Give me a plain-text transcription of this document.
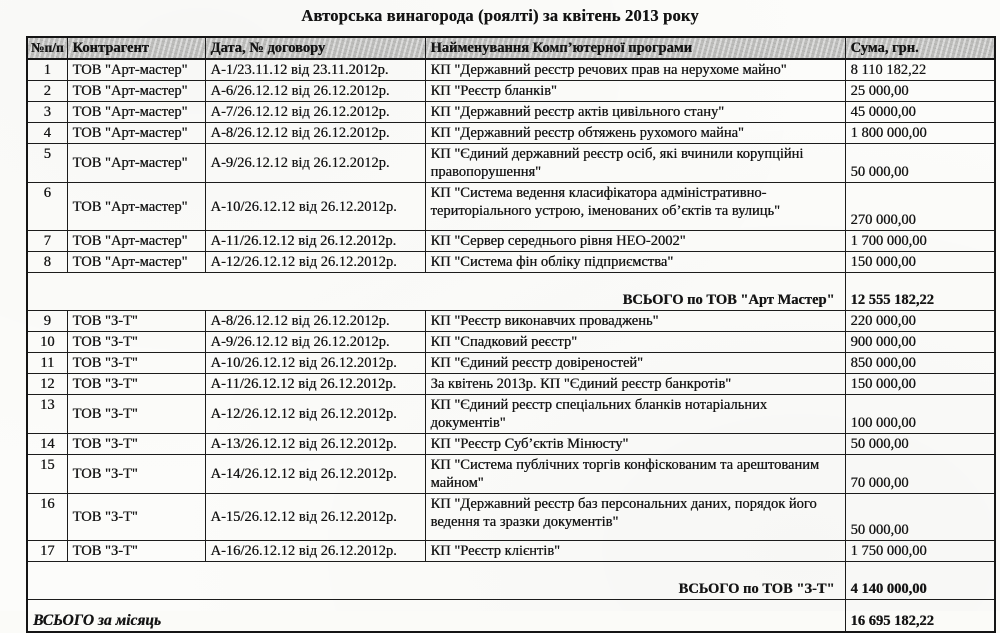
Авторська винагорода (роялті) за квітень 2013 року
№п/п	Контрагент	Дата, № договору	Найменування Комп’ютерної програми	Сума, грн.
1	ТОВ "Арт-мастер"	А-1/23.11.12 від 23.11.2012р.	КП "Державний реєстр речових прав на нерухоме майно"	8 110 182,22
2	ТОВ "Арт-мастер"	А-6/26.12.12 від 26.12.2012р.	КП "Реєстр бланків"	25 000,00
3	ТОВ "Арт-мастер"	А-7/26.12.12 від 26.12.2012р.	КП "Державний реєстр актів цивільного стану"	45 0000,00
4	ТОВ "Арт-мастер"	А-8/26.12.12 від 26.12.2012р.	КП "Державний реєстр обтяжень рухомого майна"	1 800 000,00
5	ТОВ "Арт-мастер"	А-9/26.12.12 від 26.12.2012р.	КП "Єдиний державний реєстр осіб, які вчинили корупційні правопорушення"	50 000,00
6	ТОВ "Арт-мастер"	А-10/26.12.12 від 26.12.2012р.	КП "Система ведення класифікатора адміністративно-територіального устрою, іменованих об’єктів та вулиць"	270 000,00
7	ТОВ "Арт-мастер"	А-11/26.12.12 від 26.12.2012р.	КП "Сервер середнього рівня НЕО-2002"	1 700 000,00
8	ТОВ "Арт-мастер"	А-12/26.12.12 від 26.12.2012р.	КП "Система фін обліку підприємства"	150 000,00
ВСЬОГО по ТОВ "Арт Мастер"				12 555 182,22
9	ТОВ "З-Т"	А-8/26.12.12 від 26.12.2012р.	КП "Реєстр виконавчих проваджень"	220 000,00
10	ТОВ "З-Т"	А-9/26.12.12 від 26.12.2012р.	КП "Спадковий реєстр"	900 000,00
11	ТОВ "З-Т"	А-10/26.12.12 від 26.12.2012р.	КП "Єдиний реєстр довіреностей"	850 000,00
12	ТОВ "З-Т"	А-11/26.12.12 від 26.12.2012р.	За квітень 2013р. КП "Єдиний реєстр банкротів"	150 000,00
13	ТОВ "З-Т"	А-12/26.12.12 від 26.12.2012р.	КП "Єдиний реєстр спеціальних бланків нотаріальних документів"	100 000,00
14	ТОВ "З-Т"	А-13/26.12.12 від 26.12.2012р.	КП "Реєстр Суб’єктів Мінюсту"	50 000,00
15	ТОВ "З-Т"	А-14/26.12.12 від 26.12.2012р.	КП "Система публічних торгів конфіскованим та арештованим майном"	70 000,00
16	ТОВ "З-Т"	А-15/26.12.12 від 26.12.2012р.	КП "Державний реєстр баз персональних даних, порядок його ведення та зразки документів"	50 000,00
17	ТОВ "З-Т"	А-16/26.12.12 від 26.12.2012р.	КП "Реєстр клієнтів"	1 750 000,00
ВСЬОГО по ТОВ "З-Т"				4 140 000,00
ВСЬОГО за місяць				16 695 182,22
